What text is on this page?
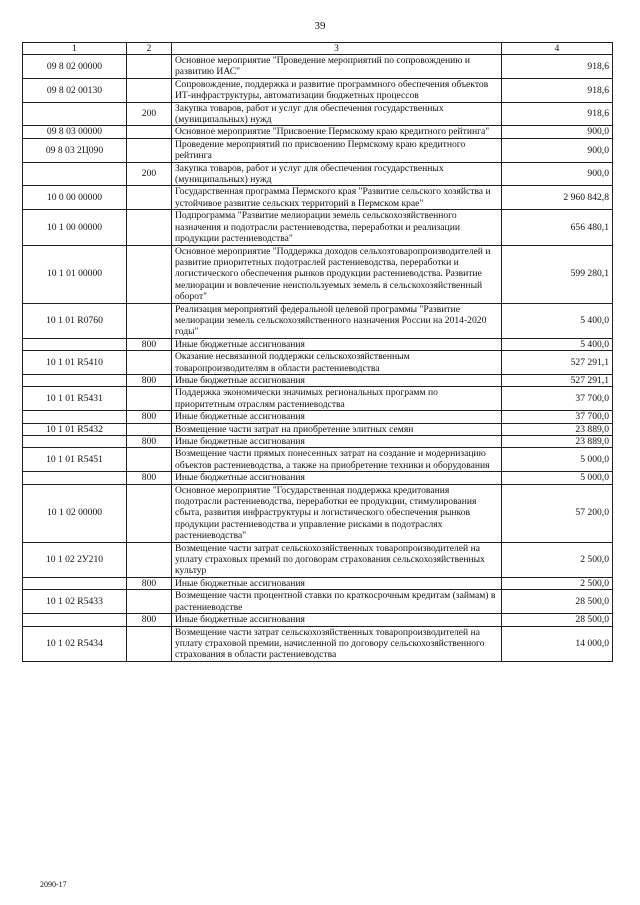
39
1	2	3	4
09 8 02 00000		Основное мероприятие "Проведение мероприятий по сопровождению и развитию ИАС"	918,6
09 8 02 00130		Сопровождение, поддержка и развитие программного обеспечения объектов ИТ-инфраструктуры, автоматизации бюджетных процессов	918,6
	200	Закупка товаров, работ и услуг для обеспечения государственных (муниципальных) нужд	918,6
09 8 03 00000		Основное мероприятие "Присвоение Пермскому краю кредитного рейтинга"	900,0
09 8 03 2Ц090		Проведение мероприятий по присвоению Пермскому краю кредитного рейтинга	900,0
	200	Закупка товаров, работ и услуг для обеспечения государственных (муниципальных) нужд	900,0
10 0 00 00000		Государственная программа Пермского края "Развитие сельского хозяйства и устойчивое развитие сельских территорий в Пермском крае"	2 960 842,8
10 1 00 00000		Подпрограмма "Развитие мелиорации земель сельскохозяйственного назначения и подотрасли растениеводства, переработки и реализации продукции растениеводства"	656 480,1
10 1 01 00000		Основное мероприятие "Поддержка доходов сельхозтоваропроизводителей и развитие приоритетных подотраслей растениеводства, переработки и логистического обеспечения рынков продукции растениеводства. Развитие мелиорации и вовлечение неиспользуемых земель в сельскохозяйственный оборот"	599 280,1
10 1 01 R0760		Реализация мероприятий федеральной целевой программы "Развитие мелиорации земель сельскохозяйственного назначения России на 2014-2020 годы"	5 400,0
	800	Иные бюджетные ассигнования	5 400,0
10 1 01 R5410		Оказание несвязанной поддержки сельскохозяйственным товаропроизводителям в области растениеводства	527 291,1
	800	Иные бюджетные ассигнования	527 291,1
10 1 01 R5431		Поддержка экономически значимых региональных программ по приоритетным отраслям растениеводства	37 700,0
	800	Иные бюджетные ассигнования	37 700,0
10 1 01 R5432		Возмещение части затрат на приобретение элитных семян	23 889,0
	800	Иные бюджетные ассигнования	23 889,0
10 1 01 R5451		Возмещение части прямых понесенных затрат на создание и модернизацию объектов растениеводства, а также на приобретение техники и оборудования	5 000,0
	800	Иные бюджетные ассигнования	5 000,0
10 1 02 00000		Основное мероприятие "Государственная поддержка кредитования подотрасли растениеводства, переработки ее продукции, стимулирования сбыта, развития инфраструктуры и логистического обеспечения рынков продукции растениеводства и управление рисками в подотраслях растениеводства"	57 200,0
10 1 02 2У210		Возмещение части затрат сельскохозяйственных товаропроизводителей на уплату страховых премий по договорам страхования сельскохозяйственных культур	2 500,0
	800	Иные бюджетные ассигнования	2 500,0
10 1 02 R5433		Возмещение части процентной ставки по краткосрочным кредитам (займам) в растениеводстве	28 500,0
	800	Иные бюджетные ассигнования	28 500,0
10 1 02 R5434		Возмещение части затрат сельскохозяйственных товаропроизводителей на уплату страховой премии, начисленной по договору сельскохозяйственного страхования в области растениеводства	14 000,0
2090-17
